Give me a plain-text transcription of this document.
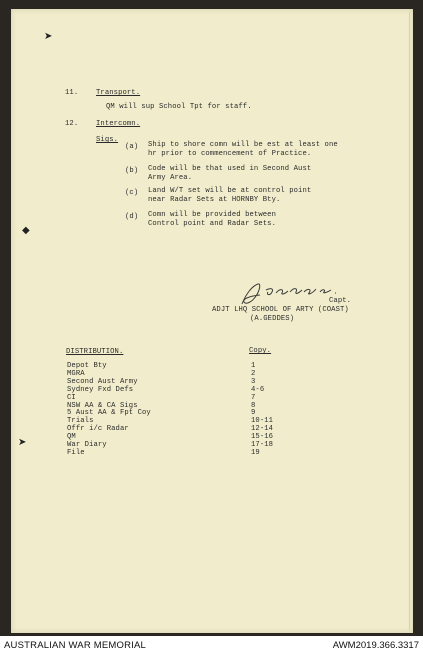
➤
◆
➤
11. Transport.
QM will sup School Tpt for staff.
12. Intercomn.
Sigs.
(a) Ship to shore comn will be est at least one
hr prior to commencement of Practice.
(b) Code will be that used in Second Aust
Army Area.
(c) Land W/T set will be at control point
near Radar Sets at HORNBY Bty.
(d) Comn will be provided between
Control point and Radar Sets.
Capt.
ADJT LHQ SCHOOL OF ARTY (COAST)
(A.GEDDES)
DISTRIBUTION.	Copy.
Depot Bty	1
MGRA	2
Second Aust Army	3
Sydney Fxd Defs	4-6
CI	7
NSW AA & CA Sigs	8
5 Aust AA & Fpt Coy	9
Trials	10-11
Offr i/c Radar	12-14
QM	15-16
War Diary	17-18
File	19
AUSTRALIAN WAR MEMORIAL	AWM2019.366.3317
